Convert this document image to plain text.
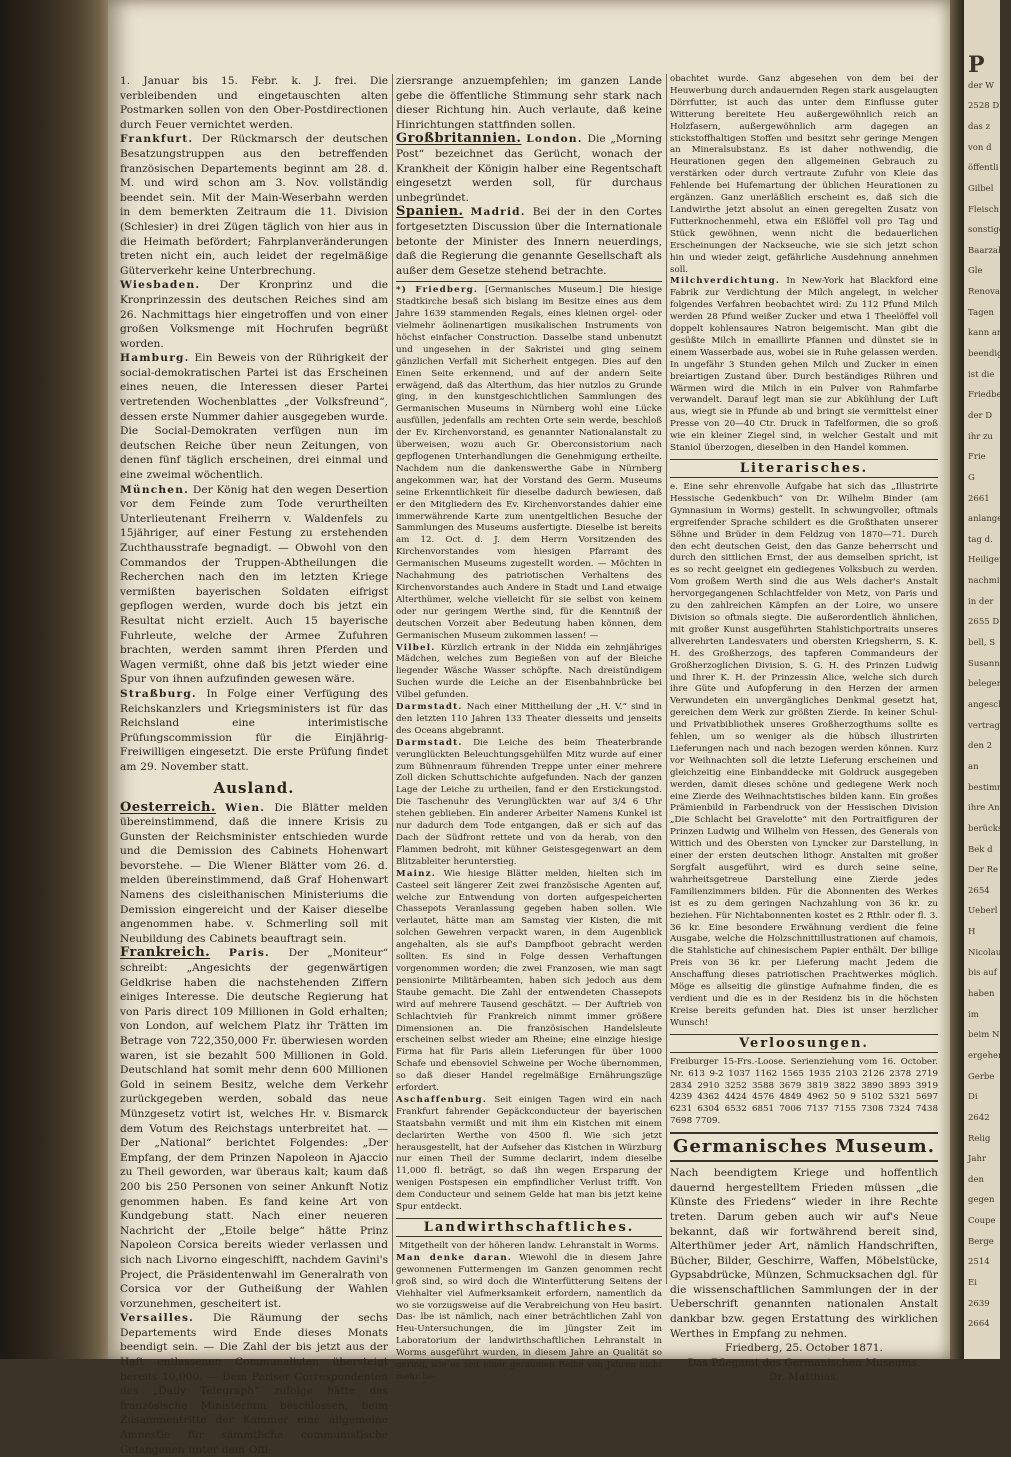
1. Januar bis 15. Febr. k. J. frei. Die verbleibenden und eingetauschten alten Postmarken sollen von den Ober-Postdirectionen durch Feuer vernichtet werden.

Frankfurt. Der Rückmarsch der deutschen Besatzungstruppen aus den betreffenden französischen Departements beginnt am 28. d. M. und wird schon am 3. Nov. vollständig beendet sein. Mit der Main-Weserbahn werden in dem bemerkten Zeitraum die 11. Division (Schlesier) in drei Zügen täglich von hier aus in die Heimath befördert; Fahrplanveränderungen treten nicht ein, auch leidet der regelmäßige Güterverkehr keine Unterbrechung.

Wiesbaden. Der Kronprinz und die Kronprinzessin des deutschen Reiches sind am 26. Nachmittags hier eingetroffen und von einer großen Volksmenge mit Hochrufen begrüßt worden.

Hamburg. Ein Beweis von der Rührigkeit der social-demokratischen Partei ist das Erscheinen eines neuen, die Interessen dieser Partei vertretenden Wochenblattes „der Volksfreund“, dessen erste Nummer dahier ausgegeben wurde. Die Social-Demokraten verfügen nun im deutschen Reiche über neun Zeitungen, von denen fünf täglich erscheinen, drei einmal und eine zweimal wöchentlich.

München. Der König hat den wegen Desertion vor dem Feinde zum Tode verurtheilten Unterlieutenant Freiherrn v. Waldenfels zu 15jähriger, auf einer Festung zu erstehenden Zuchthausstrafe begnadigt. — Obwohl von den Commandos der Truppen-Abtheilungen die Recherchen nach den im letzten Kriege vermißten bayerischen Soldaten eifrigst gepflogen werden, wurde doch bis jetzt ein Resultat nicht erzielt. Auch 15 bayerische Fuhrleute, welche der Armee Zufuhren brachten, werden sammt ihren Pferden und Wagen vermißt, ohne daß bis jetzt wieder eine Spur von ihnen aufzufinden gewesen wäre.

Straßburg. In Folge einer Verfügung des Reichskanzlers und Kriegsministers ist für das Reichsland eine interimistische Prüfungscommission für die Einjährig-Freiwilligen eingesetzt. Die erste Prüfung findet am 29. November statt.

Ausland.

Oesterreich. Wien. Die Blätter melden übereinstimmend, daß die innere Krisis zu Gunsten der Reichsminister entschieden wurde und die Demission des Cabinets Hohenwart bevorstehe. — Die Wiener Blätter vom 26. d. melden übereinstimmend, daß Graf Hohenwart Namens des cisleithanischen Ministeriums die Demission eingereicht und der Kaiser dieselbe angenommen habe. v. Schmerling soll mit Neubildung des Cabinets beauftragt sein.

Frankreich. Paris. Der „Moniteur“ schreibt: „Angesichts der gegenwärtigen Geldkrise haben die nachstehenden Ziffern einiges Interesse. Die deutsche Regierung hat von Paris direct 109 Millionen in Gold erhalten; von London, auf welchem Platz ihr Trätten im Betrage von 722,350,000 Fr. überwiesen worden waren, ist sie bezahlt 500 Millionen in Gold. Deutschland hat somit mehr denn 600 Millionen Gold in seinem Besitz, welche dem Verkehr zurückgegeben werden, sobald das neue Münzgesetz votirt ist, welches Hr. v. Bismarck dem Votum des Reichstags unterbreitet hat. — Der „National“ berichtet Folgendes: „Der Empfang, der dem Prinzen Napoleon in Ajaccio zu Theil geworden, war überaus kalt; kaum daß 200 bis 250 Personen von seiner Ankunft Notiz genommen haben. Es fand keine Art von Kundgebung statt. Nach einer neueren Nachricht der „Etoile belge“ hätte Prinz Napoleon Corsica bereits wieder verlassen und sich nach Livorno eingeschifft, nachdem Gavini's Project, die Präsidentenwahl im Generalrath von Corsica vor der Gutheißung der Wahlen vorzunehmen, gescheitert ist.

Versailles. Die Räumung der sechs Departements wird Ende dieses Monats beendigt sein. — Die Zahl der bis jetzt aus der Haft entlassenen Communalisten übersteigt bereits 10,000. — Dem Pariser Correspondenten des „Daily Telegraph“ zufolge hätte das französische Ministerium beschlossen, beim Zusammentritte der Kammer eine allgemeine Amnestie für sämmtliche communistische Gefangenen unter dem Offi-

ziersrange anzuempfehlen; im ganzen Lande gebe die öffentliche Stimmung sehr stark nach dieser Richtung hin. Auch verlaute, daß keine Hinrichtungen stattfinden sollen.

Großbritannien. London. Die „Morning Post“ bezeichnet das Gerücht, wonach der Krankheit der Königin halber eine Regentschaft eingesetzt werden soll, für durchaus unbegründet.

Spanien. Madrid. Bei der in den Cortes fortgesetzten Discussion über die Internationale betonte der Minister des Innern neuerdings, daß die Regierung die genannte Gesellschaft als außer dem Gesetze stehend betrachte.

*) Friedberg. [Germanisches Museum.] Die hiesige Stadtkirche besaß sich bislang im Besitze eines aus dem Jahre 1639 stammenden Regals, eines kleinen orgel- oder vielmehr äolinenartigen musikalischen Instruments von höchst einfacher Construction. Dasselbe stand unbenutzt und ungesehen in der Sakristei und ging seinem gänzlichen Verfall mit Sicherheit entgegen. Dies auf den Einen Seite erkennend, und auf der andern Seite erwägend, daß das Alterthum, das hier nutzlos zu Grunde ging, in den kunstgeschichtlichen Sammlungen des Germanischen Museums in Nürnberg wohl eine Lücke ausfüllen, jedenfalls am rechten Orte sein werde, beschloß der Ev. Kirchenvorstand, es genannter Nationalanstalt zu überweisen, wozu auch Gr. Oberconsistorium nach gepflogenen Unterhandlungen die Genehmigung ertheilte. Nachdem nun die dankenswerthe Gabe in Nürnberg angekommen war, hat der Vorstand des Germ. Museums seine Erkenntlichkeit für dieselbe dadurch bewiesen, daß er den Mitgliedern des Ev. Kirchenvorstandes dahier eine immerwährende Karte zum unentgeltlichen Besuche der Sammlungen des Museums ausfertigte. Dieselbe ist bereits am 12. Oct. d. J. dem Herrn Vorsitzenden des Kirchenvorstandes vom hiesigen Pfarramt des Germanischen Museums zugestellt worden. — Möchten in Nachahmung des patriotischen Verhaltens des Kirchenvorstandes auch Andere in Stadt und Land etwaige Alterthümer, welche vielleicht für sie selbst von keinem oder nur geringem Werthe sind, für die Kenntniß der deutschen Vorzeit aber Bedeutung haben können, dem Germanischen Museum zukommen lassen! —

Vilbel. Kürzlich ertrank in der Nidda ein zehnjähriges Mädchen, welches zum Begießen von auf der Bleiche liegender Wäsche Wasser schöpfte. Nach dreistündigem Suchen wurde die Leiche an der Eisenbahnbrücke bei Vilbel gefunden.

Darmstadt. Nach einer Mittheilung der „H. V.“ sind in den letzten 110 Jahren 133 Theater diesseits und jenseits des Oceans abgebrannt.

Darmstadt. Die Leiche des beim Theaterbrande verunglückten Beleuchtungsgehülfen Mitz wurde auf einer zum Bühnenraum führenden Treppe unter einer mehrere Zoll dicken Schuttschichte aufgefunden. Nach der ganzen Lage der Leiche zu urtheilen, fand er den Erstickungstod. Die Taschenuhr des Verunglückten war auf 3/4 6 Uhr stehen geblieben. Ein anderer Arbeiter Namens Kunkel ist nur dadurch dem Tode entgangen, daß er sich auf das Dach der Südfront rettete und von da herab, von den Flammen bedroht, mit kühner Geistesgegenwart an dem Blitzableiter herunterstieg.

Mainz. Wie hiesige Blätter melden, hielten sich im Casteel seit längerer Zeit zwei französische Agenten auf, welche zur Entwendung von dorten aufgespeicherten Chassepots Veranlassung gegeben haben sollen. Wie verlautet, hätte man am Samstag vier Kisten, die mit solchen Gewehren verpackt waren, in dem Augenblick angehalten, als sie auf's Dampfboot gebracht werden sollten. Es sind in Folge dessen Verhaftungen vorgenommen worden; die zwei Franzosen, wie man sagt pensionirte Militärbeamten, haben sich jedoch aus dem Staube gemacht. Die Zahl der entwendeten Chassepots wird auf mehrere Tausend geschätzt. — Der Auftrieb von Schlachtvieh für Frankreich nimmt immer größere Dimensionen an. Die französischen Handelsleute erscheinen selbst wieder am Rheine; eine einzige hiesige Firma hat für Paris allein Lieferungen für über 1000 Schafe und ebensoviel Schweine per Woche übernommen, so daß dieser Handel regelmäßige Ernährungszüge erfordert.

Aschaffenburg. Seit einigen Tagen wird ein nach Frankfurt fahrender Gepäckconducteur der bayerischen Staatsbahn vermißt und mit ihm ein Kistchen mit einem declarirten Werthe von 4500 fl. Wie sich jetzt herausgestellt, hat der Aufseher das Kistchen in Würzburg nur einen Theil der Summe declarirt, indem dieselbe 11,000 fl. beträgt, so daß ihn wegen Ersparung der wenigen Postspesen ein empfindlicher Verlust trifft. Von dem Conducteur und seinem Gelde hat man bis jetzt keine Spur entdeckt.

Landwirthschaftliches.

Mitgetheilt von der höheren landw. Lehranstalt in Worms.

Man denke daran. Wiewohl die in diesem Jahre gewonnenen Futtermengen im Ganzen genommen recht groß sind, so wird doch die Winterfütterung Seitens der Viehhalter viel Aufmerksamkeit erfordern, namentlich da wo sie vorzugsweise auf die Verabreichung von Heu basirt. Das- lbe ist nämlich, nach einer beträchtlichen Zahl von Heu-Untersuchungen, die im jüngster Zeit im Laboratorium der landwirthschaftlichen Lehranstalt in Worms ausgeführt wurden, in diesem Jahre an Qualität so gering, wie es seit einer geraumen Reihe von Jahren nicht mehr be-

obachtet wurde. Ganz abgesehen von dem bei der Heuwerbung durch andauernden Regen stark ausgelaugten Dörrfutter, ist auch das unter dem Einflusse guter Witterung bereitete Heu außergewöhnlich reich an Holzfasern, außergewöhnlich arm dagegen an stickstoffhaltigen Stoffen und besitzt sehr geringe Mengen an Mineralsubstanz. Es ist daher nothwendig, die Heurationen gegen den allgemeinen Gebrauch zu verstärken oder durch vertraute Zufuhr von Kleie das Fehlende bei Hufemartung der üblichen Heurationen zu ergänzen. Ganz unerläßlich erscheint es, daß sich die Landwirthe jetzt absolut an einen geregelten Zusatz von Futterknochenmehl, etwa ein Eßlöffel voll pro Tag und Stück gewöhnen, wenn nicht die bedauerlichen Erscheinungen der Nackseuche, wie sie sich jetzt schon hin und wieder zeigt, gefährliche Ausdehnung annehmen soll.

Milchverdichtung. In New-York hat Blackford eine Fabrik zur Verdichtung der Milch angelegt, in welcher folgendes Verfahren beobachtet wird: Zu 112 Pfund Milch werden 28 Pfund weißer Zucker und etwa 1 Theelöffel voll doppelt kohlensaures Natron beigemischt. Man gibt die gesüßte Milch in emaillirte Pfannen und dünstet sie in einem Wasserbade aus, wobei sie in Ruhe gelassen werden. In ungefähr 3 Stunden gehen Milch und Zucker in einen breiartigen Zustand über. Durch beständiges Rühren und Wärmen wird die Milch in ein Pulver von Rahmfarbe verwandelt. Darauf legt man sie zur Abkühlung der Luft aus, wiegt sie in Pfunde ab und bringt sie vermittelst einer Presse von 20—40 Ctr. Druck in Tafelformen, die so groß wie ein kleiner Ziegel sind, in welcher Gestalt und mit Staniol überzogen, dieselben in den Handel kommen.

Literarisches.

e. Eine sehr ehrenvolle Aufgabe hat sich das „Illustrirte Hessische Gedenkbuch“ von Dr. Wilhelm Binder (am Gymnasium in Worms) gestellt. In schwungvoller, oftmals ergreifender Sprache schildert es die Großthaten unserer Söhne und Brüder in dem Feldzug von 1870—71. Durch den echt deutschen Geist, den das Ganze beherrscht und durch den sittlichen Ernst, der aus demselben spricht, ist es so recht geeignet ein gediegenes Volksbuch zu werden. Vom großem Werth sind die aus Wels dacher's Anstalt hervorgegangenen Schlachtfelder von Metz, von Paris und zu den zahlreichen Kämpfen an der Loire, wo unsere Division so oftmals siegte. Die außerordentlich ähnlichen, mit großer Kunst ausgeführten Stahlstichportraits unseres allverehrten Landesvaters und obersten Kriegsherrn, S. K. H. des Großherzogs, des tapferen Commandeurs der Großherzoglichen Division, S. G. H. des Prinzen Ludwig und Ihrer K. H. der Prinzessin Alice, welche sich durch ihre Güte und Aufopferung in den Herzen der armen Verwundeten ein unvergängliches Denkmal gesetzt hat, gereichen dem Werk zur größten Zierde. In keiner Schul- und Privatbibliothek unseres Großherzogthums sollte es fehlen, um so weniger als die hübsch illustrirten Lieferungen nach und nach bezogen werden können. Kurz vor Weihnachten soll die letzte Lieferung erscheinen und gleichzeitig eine Einbanddecke mit Goldruck ausgegeben werden, damit dieses schöne und gediegene Werk noch eine Zierde des Weihnachtstisches bilden kann. Ein großes Prämienbild in Farbendruck von der Hessischen Division „Die Schlacht bei Gravelotte“ mit den Portraitfiguren der Prinzen Ludwig und Wilhelm von Hessen, des Generals von Wittich und des Obersten von Lyncker zur Darstellung, in einer der ersten deutschen lithogr. Anstalten mit großer Sorgfalt ausgeführt, wird es durch seine seine, wahrheitsgetreue Darstellung eine Zierde jedes Familienzimmers bilden. Für die Abonnenten des Werkes ist es zu dem geringen Nachzahlung von 36 kr. zu beziehen. Für Nichtabonnenten kostet es 2 Rthlr. oder fl. 3. 36 kr. Eine besondere Erwähnung verdient die feine Ausgabe, welche die Holzschnittillustrationen auf chamois, die Stahlstiche auf chinesischem Papier enthält. Der billige Preis von 36 kr. per Lieferung macht Jedem die Anschaffung dieses patriotischen Prachtwerkes möglich. Möge es allseitig die günstige Aufnahme finden, die es verdient und die es in der Residenz bis in die höchsten Kreise bereits gefunden hat. Dies ist unser herzlicher Wunsch!

Verloosungen.

Freiburger 15-Frs.-Loose. Serienziehung vom 16. October. Nr. 613 9-2 1037 1162 1565 1935 2103 2126 2378 2719 2834 2910 3252 3588 3679 3819 3822 3890 3893 3919 4239 4362 4424 4576 4849 4962 50 9 5102 5321 5697 6231 6304 6532 6851 7006 7137 7155 7308 7324 7438 7698 7709.

Germanisches Museum.

Nach beendigtem Kriege und hoffentlich dauernd hergestelltem Frieden müssen „die Künste des Friedens“ wieder in ihre Rechte treten. Darum geben auch wir auf's Neue bekannt, daß wir fortwährend bereit sind, Alterthümer jeder Art, nämlich Handschriften, Bücher, Bilder, Geschirre, Waffen, Möbelstücke, Gypsabdrücke, Münzen, Schmucksachen dgl. für die wissenschaftlichen Sammlungen der in der Ueberschrift genannten nationalen Anstalt dankbar bzw. gegen Erstattung des wirklichen Werthes in Empfang zu nehmen.

Friedberg, 25. October 1871.
Das Pflegamt des Germanischen Museums.
Dr. Matthias.
P
der W
2528 D
das z
von d
öffentli
Gilbel
Fleisch
sonstigen
Baarzahl
Gle
Renovatio
Tagen
kann an
beendigt
ist die
Friedber
der D
ihr zu
Frie
G
2661
anlangen
tag d.
Heiligen
nachmitt
in der
2655 D
bell, S
Susann
belegene
angeschl
vertragen
den 2
an
bestimmt
ihre An
berücksi
Bek d
Der Re
2654
Ueberl
H
Nicolaus
bis auf
haben
im
beim N
ergehen
Gerbe
Di
2642
Relig
Jahr
den
gegen
Coupe
Berge
2514
Ei
2639
2664
